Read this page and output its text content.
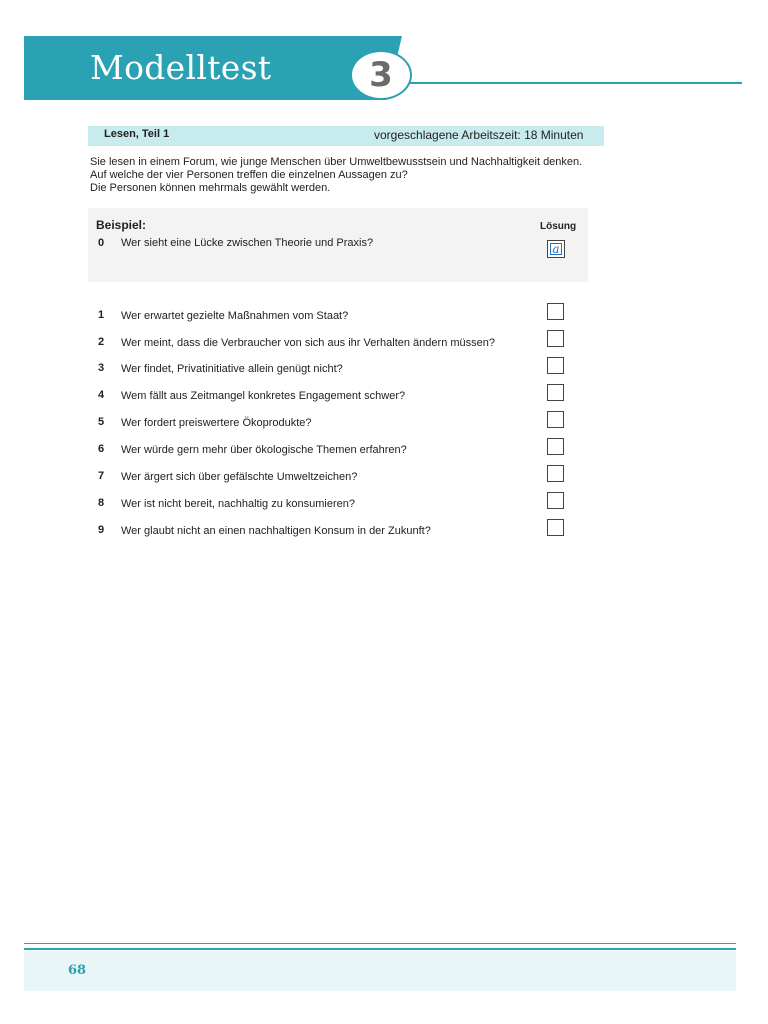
Modelltest	3
Lesen, Teil 1	vorgeschlagene Arbeitszeit: 18 Minuten
Sie lesen in einem Forum, wie junge Menschen über Umweltbewusstsein und Nachhaltigkeit denken.
Auf welche der vier Personen treffen die einzelnen Aussagen zu?
Die Personen können mehrmals gewählt werden.
Beispiel:	Lösung
0 Wer sieht eine Lücke zwischen Theorie und Praxis?	a
1 Wer erwartet gezielte Maßnahmen vom Staat?
2 Wer meint, dass die Verbraucher von sich aus ihr Verhalten ändern müssen?
3 Wer findet, Privatinitiative allein genügt nicht?
4 Wem fällt aus Zeitmangel konkretes Engagement schwer?
5 Wer fordert preiswertere Ökoprodukte?
6 Wer würde gern mehr über ökologische Themen erfahren?
7 Wer ärgert sich über gefälschte Umweltzeichen?
8 Wer ist nicht bereit, nachhaltig zu konsumieren?
9 Wer glaubt nicht an einen nachhaltigen Konsum in der Zukunft?
68
